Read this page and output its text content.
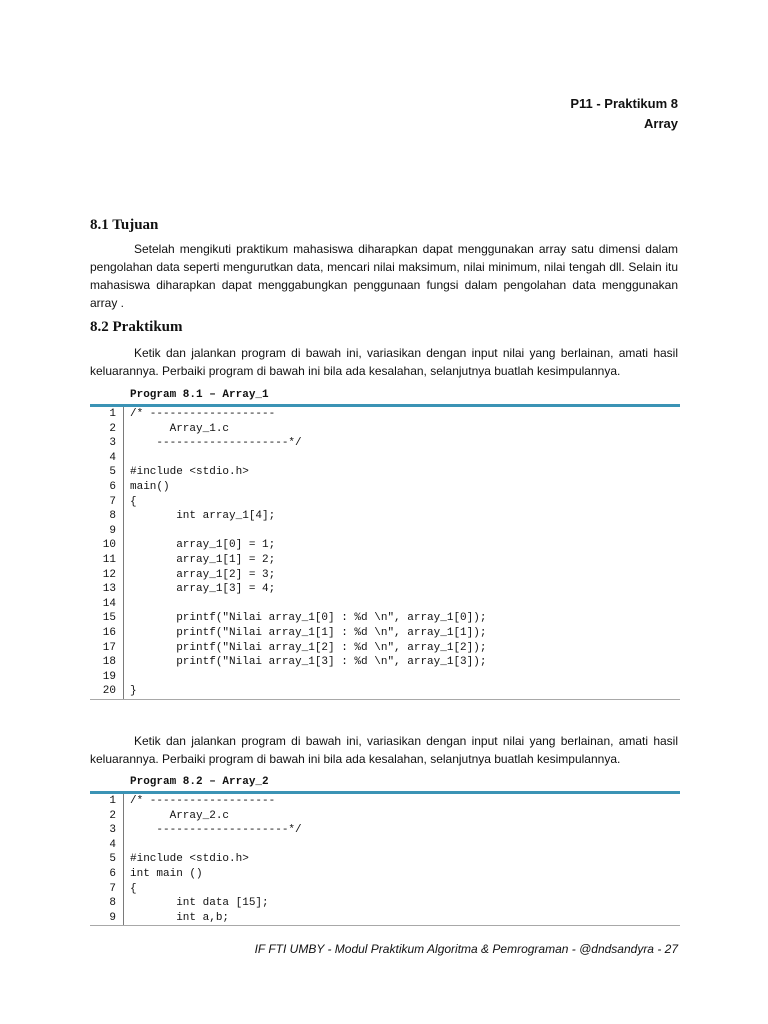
P11 - Praktikum 8
Array
8.1 Tujuan

Setelah mengikuti praktikum mahasiswa diharapkan dapat menggunakan array satu dimensi dalam pengolahan data seperti mengurutkan data, mencari nilai maksimum, nilai minimum, nilai tengah dll. Selain itu mahasiswa diharapkan dapat menggabungkan penggunaan fungsi dalam pengolahan data menggunakan array .

8.2 Praktikum

Ketik dan jalankan program di bawah ini, variasikan dengan input nilai yang berlainan, amati hasil keluarannya. Perbaiki program di bawah ini bila ada kesalahan, selanjutnya buatlah kesimpulannya.

Program 8.1 – Array_1
1	/* -------------------
2	Array_1.c
3	--------------------*/
4
5	#include <stdio.h>
6	main()
7	{
8	int array_1[4];
9
10	array_1[0] = 1;
11	array_1[1] = 2;
12	array_1[2] = 3;
13	array_1[3] = 4;
14
15	printf("Nilai array_1[0] : %d \n", array_1[0]);
16	printf("Nilai array_1[1] : %d \n", array_1[1]);
17	printf("Nilai array_1[2] : %d \n", array_1[2]);
18	printf("Nilai array_1[3] : %d \n", array_1[3]);
19
20	}

Ketik dan jalankan program di bawah ini, variasikan dengan input nilai yang berlainan, amati hasil keluarannya. Perbaiki program di bawah ini bila ada kesalahan, selanjutnya buatlah kesimpulannya.

Program 8.2 – Array_2
1	/* -------------------
2	Array_2.c
3	--------------------*/
4
5	#include <stdio.h>
6	int main ()
7	{
8	int data [15];
9	int a,b;
IF FTI UMBY - Modul Praktikum Algoritma & Pemrograman - @dndsandyra - 27
